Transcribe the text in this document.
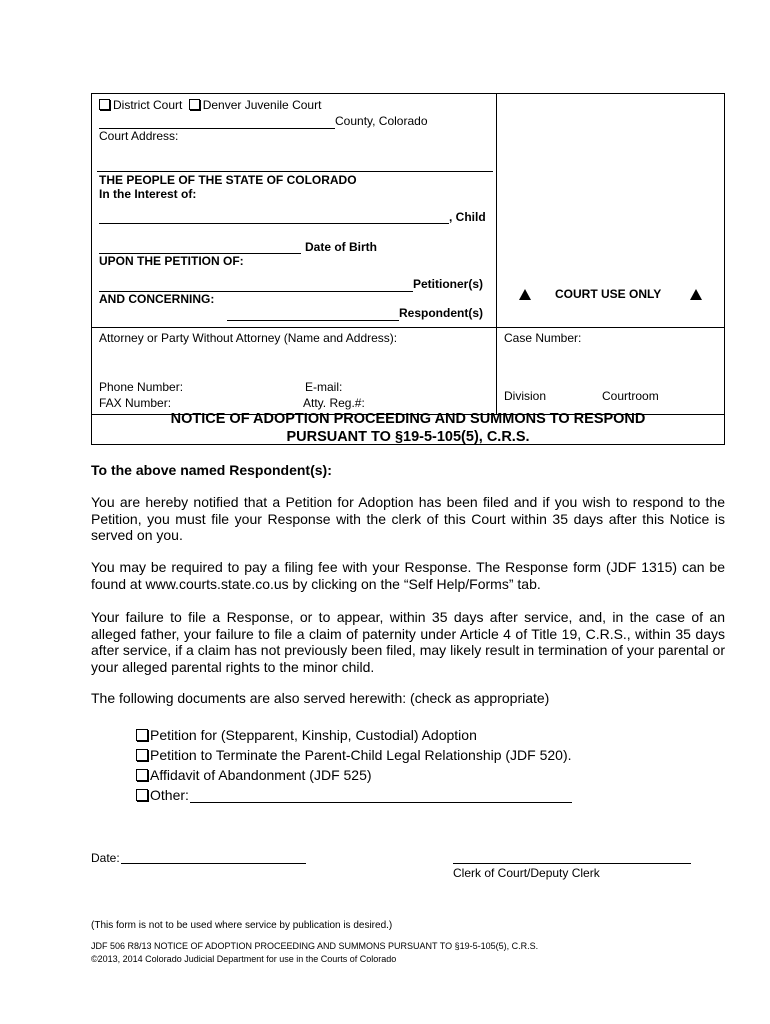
District Court Denver Juvenile Court
County, Colorado
Court Address:
THE PEOPLE OF THE STATE OF COLORADO
In the Interest of:
, Child
Date of Birth
UPON THE PETITION OF:
Petitioner(s)
AND CONCERNING:
Respondent(s)
COURT USE ONLY
Attorney or Party Without Attorney (Name and Address):	Case Number:
Phone Number:	E-mail:
FAX Number:	Atty. Reg.#:	Division	Courtroom
NOTICE OF ADOPTION PROCEEDING AND SUMMONS TO RESPOND
PURSUANT TO §19-5-105(5), C.R.S.
To the above named Respondent(s):
You are hereby notified that a Petition for Adoption has been filed and if you wish to respond to the Petition, you must file your Response with the clerk of this Court within 35 days after this Notice is served on you.
You may be required to pay a filing fee with your Response. The Response form (JDF 1315) can be found at www.courts.state.co.us by clicking on the “Self Help/Forms” tab.
Your failure to file a Response, or to appear, within 35 days after service, and, in the case of an alleged father, your failure to file a claim of paternity under Article 4 of Title 19, C.R.S., within 35 days after service, if a claim has not previously been filed, may likely result in termination of your parental or your alleged parental rights to the minor child.
The following documents are also served herewith: (check as appropriate)
Petition for (Stepparent, Kinship, Custodial) Adoption
Petition to Terminate the Parent-Child Legal Relationship (JDF 520).
Affidavit of Abandonment (JDF 525)
Other:
Date:
Clerk of Court/Deputy Clerk
(This form is not to be used where service by publication is desired.)
JDF 506 R8/13 NOTICE OF ADOPTION PROCEEDING AND SUMMONS PURSUANT TO §19-5-105(5), C.R.S.
©2013, 2014 Colorado Judicial Department for use in the Courts of Colorado
